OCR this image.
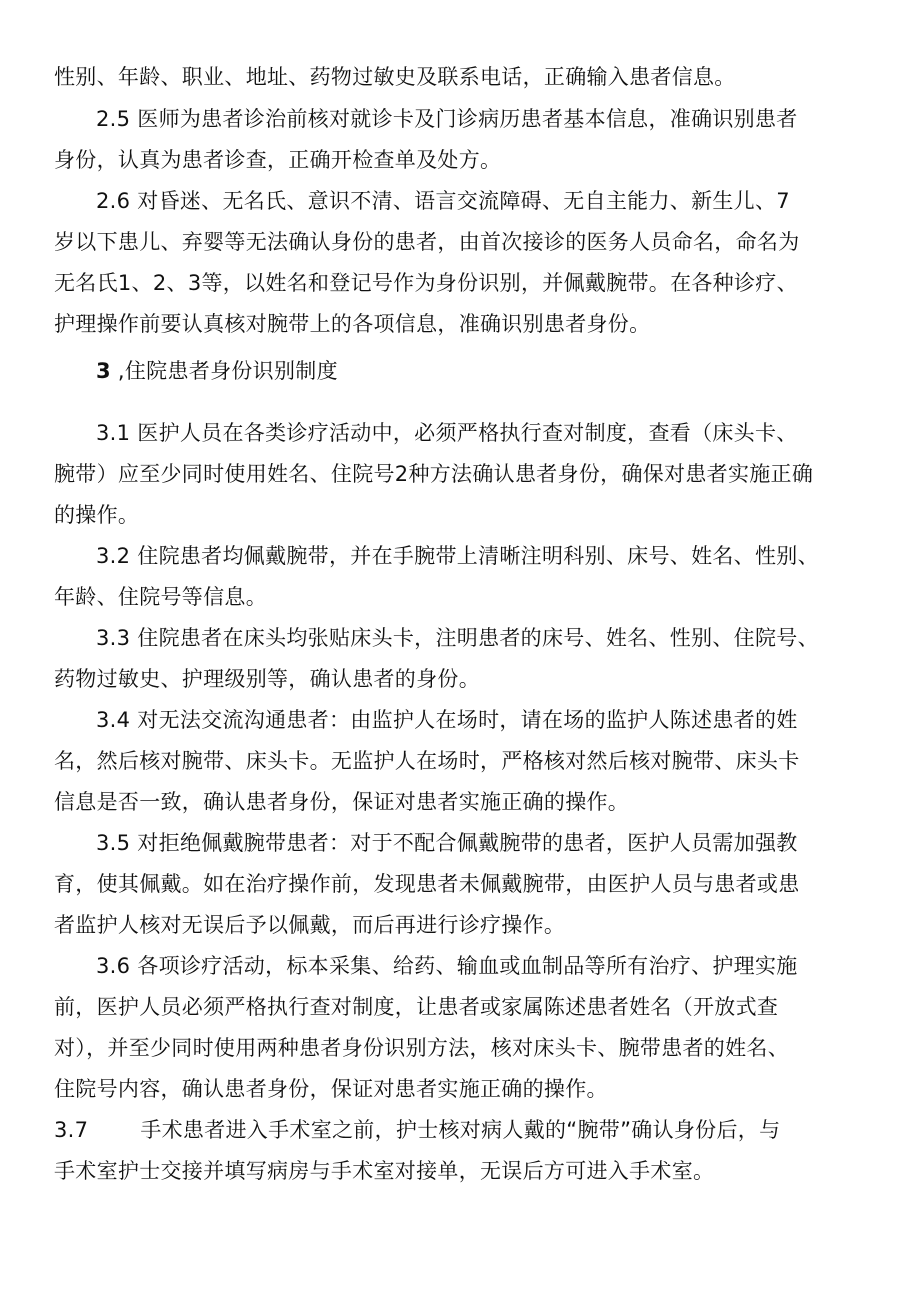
性别、年龄、职业、地址、药物过敏史及联系电话，正确输入患者信息。
2.5 医师为患者诊治前核对就诊卡及门诊病历患者基本信息，准确识别患者
身份，认真为患者诊查，正确开检查单及处方。
2.6 对昏迷、无名氏、意识不清、语言交流障碍、无自主能力、新生儿、7
岁以下患儿、弃婴等无法确认身份的患者，由首次接诊的医务人员命名，命名为
无名氏1、2、3等，以姓名和登记号作为身份识别，并佩戴腕带。在各种诊疗、
护理操作前要认真核对腕带上的各项信息，准确识别患者身份。
3 ,住院患者身份识别制度
3.1 医护人员在各类诊疗活动中，必须严格执行查对制度，查看（床头卡、
腕带）应至少同时使用姓名、住院号2种方法确认患者身份，确保对患者实施正确
的操作。
3.2 住院患者均佩戴腕带，并在手腕带上清晰注明科别、床号、姓名、性别、
年龄、住院号等信息。
3.3 住院患者在床头均张贴床头卡，注明患者的床号、姓名、性别、住院号、
药物过敏史、护理级别等，确认患者的身份。
3.4 对无法交流沟通患者：由监护人在场时，请在场的监护人陈述患者的姓
名，然后核对腕带、床头卡。无监护人在场时，严格核对然后核对腕带、床头卡
信息是否一致，确认患者身份，保证对患者实施正确的操作。
3.5 对拒绝佩戴腕带患者：对于不配合佩戴腕带的患者，医护人员需加强教
育，使其佩戴。如在治疗操作前，发现患者未佩戴腕带，由医护人员与患者或患
者监护人核对无误后予以佩戴，而后再进行诊疗操作。
3.6 各项诊疗活动，标本采集、给药、输血或血制品等所有治疗、护理实施
前，医护人员必须严格执行查对制度，让患者或家属陈述患者姓名（开放式查
对），并至少同时使用两种患者身份识别方法，核对床头卡、腕带患者的姓名、
住院号内容，确认患者身份，保证对患者实施正确的操作。
3.7 手术患者进入手术室之前，护士核对病人戴的“腕带”确认身份后，与
手术室护士交接并填写病房与手术室对接单，无误后方可进入手术室。
